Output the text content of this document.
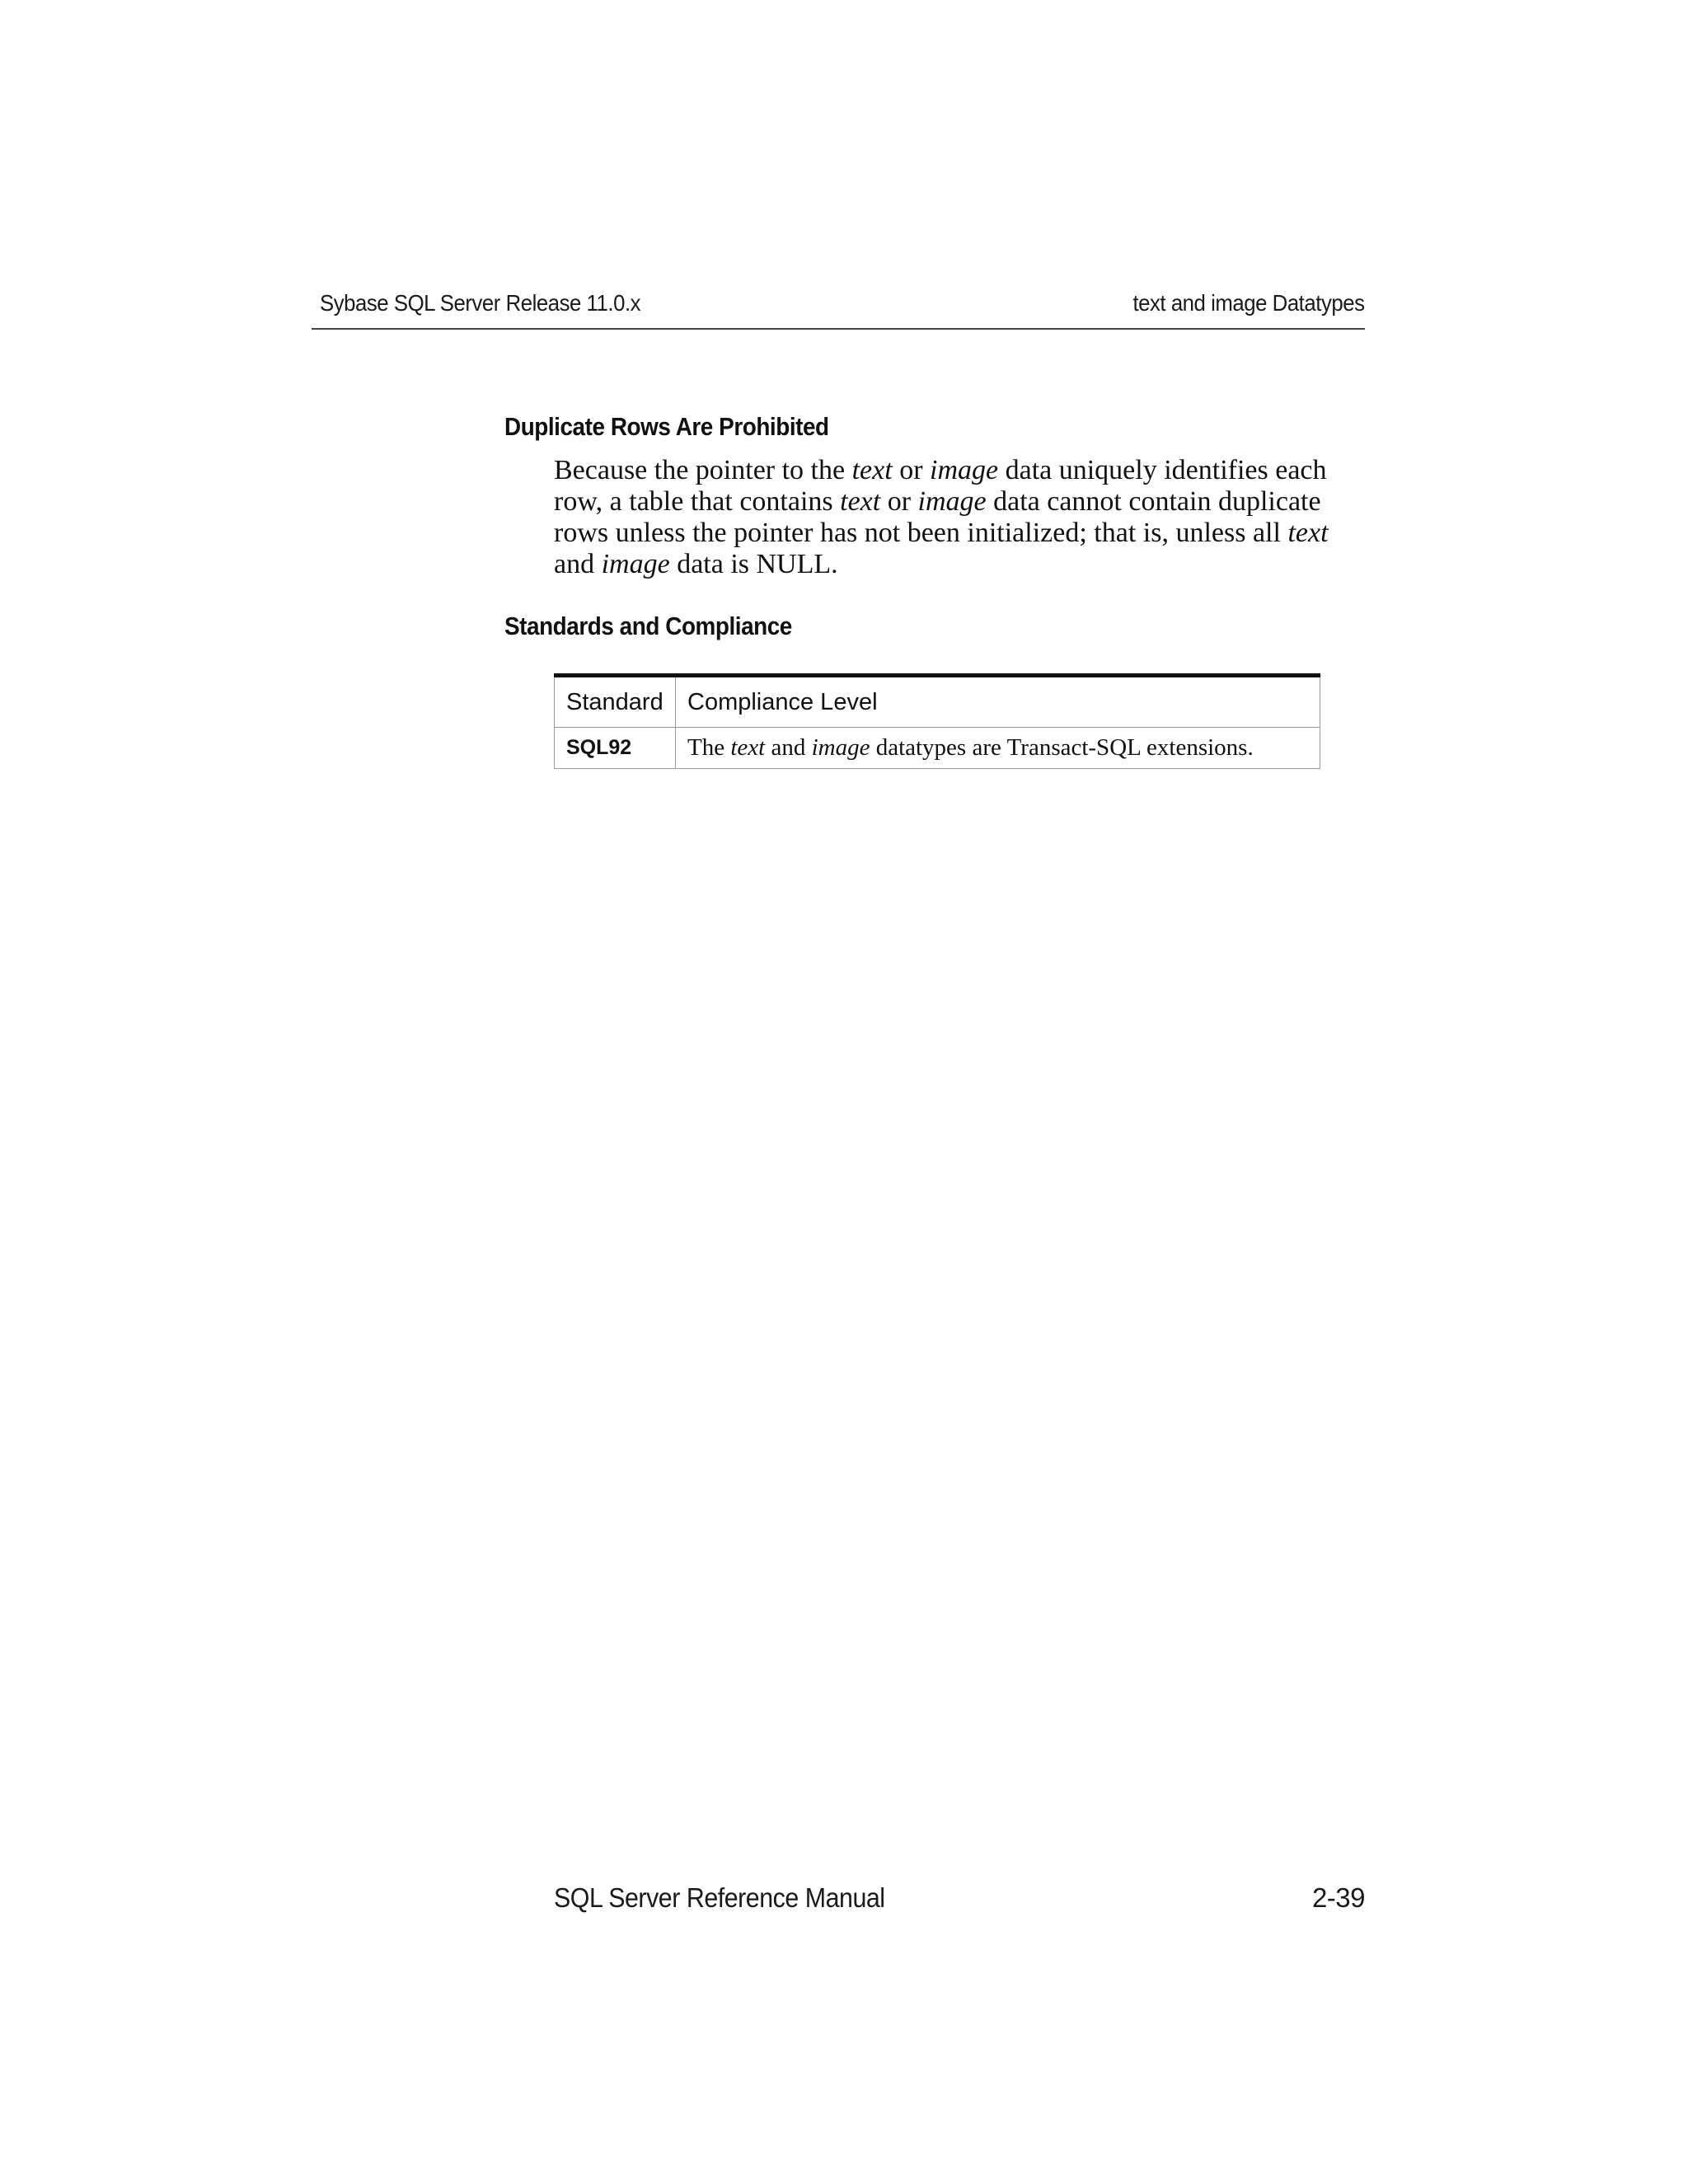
Sybase SQL Server Release 11.0.x	text and image Datatypes
Duplicate Rows Are Prohibited

Because the pointer to the text or image data uniquely identifies each row, a table that contains text or image data cannot contain duplicate rows unless the pointer has not been initialized; that is, unless all text and image data is NULL.

Standards and Compliance
Standard	Compliance Level
SQL92	The text and image datatypes are Transact-SQL extensions.
SQL Server Reference Manual	2-39
